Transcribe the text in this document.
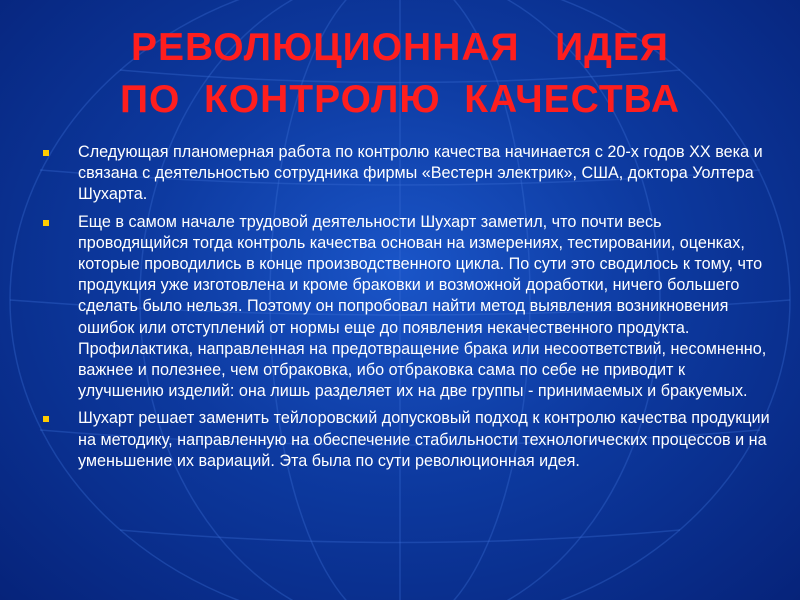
РЕВОЛЮЦИОННАЯ   ИДЕЯ
ПО  КОНТРОЛЮ  КАЧЕСТВА
Следующая планомерная работа по контролю качества начинается с 20-х годов XX века и связана с деятельностью сотрудника фирмы «Вестерн электрик», США, доктора Уолтера Шухарта.
Еще в самом начале трудовой деятельности Шухарт заметил, что почти весь проводящийся тогда контроль качества основан на измерениях, тестировании, оценках, которые проводились в конце производственного цикла. По сути это сводилось к тому, что продукция уже изготовлена и кроме браковки и возможной доработки, ничего большего сделать было нельзя. Поэтому он попробовал найти метод выявления возникновения ошибок или отступлений от нормы еще до появления некачественного продукта. Профилактика, направленная на предотвращение брака или несоответствий, несомненно, важнее и полезнее, чем отбраковка, ибо отбраковка сама по себе не приводит к улучшению изделий: она лишь разделяет их на две группы - принимаемых и бракуемых.
Шухарт решает заменить тейлоровский допусковый подход к контролю качества продукции на методику, направленную на обеспечение стабильности технологических процессов и на уменьшение их вариаций. Эта была по сути революционная идея.
